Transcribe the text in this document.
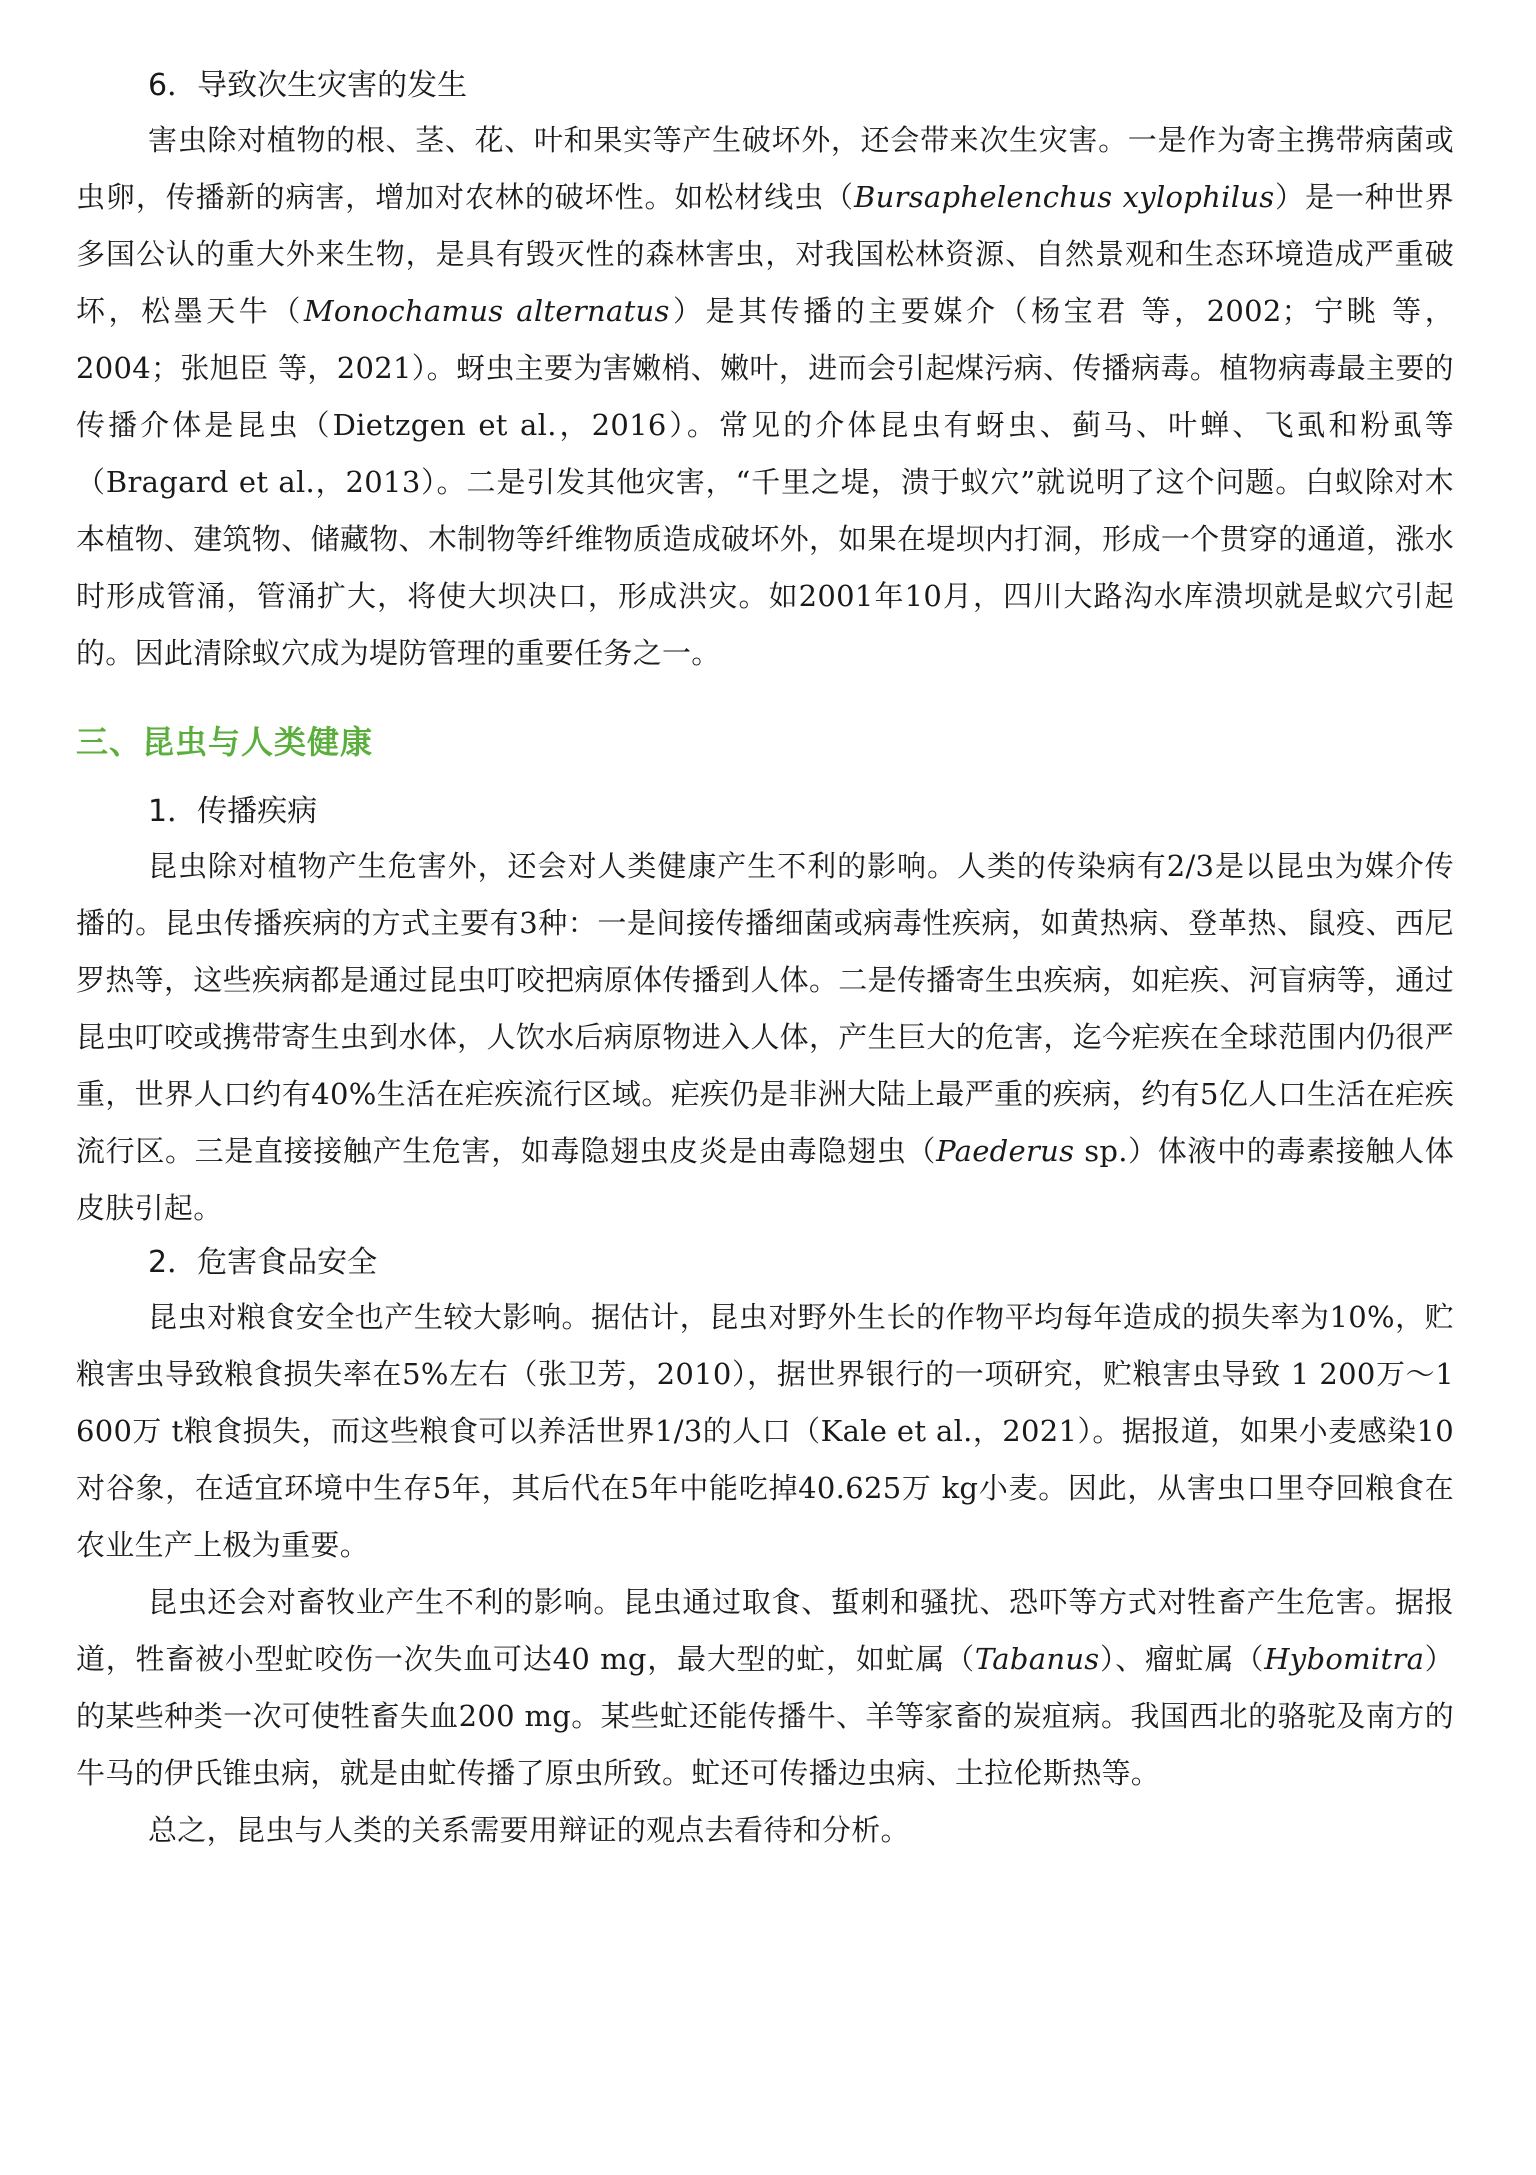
6．导致次生灾害的发生

害虫除对植物的根、茎、花、叶和果实等产生破坏外，还会带来次生灾害。一是作为寄主携带病菌或虫卵，传播新的病害，增加对农林的破坏性。如松材线虫（Bursaphelenchus xylophilus）是一种世界多国公认的重大外来生物，是具有毁灭性的森林害虫，对我国松林资源、自然景观和生态环境造成严重破坏，松墨天牛（Monochamus alternatus）是其传播的主要媒介（杨宝君 等，2002；宁眺 等，2004；张旭臣 等，2021）。蚜虫主要为害嫩梢、嫩叶，进而会引起煤污病、传播病毒。植物病毒最主要的传播介体是昆虫（Dietzgen et al.，2016）。常见的介体昆虫有蚜虫、蓟马、叶蝉、飞虱和粉虱等（Bragard et al.，2013）。二是引发其他灾害，“千里之堤，溃于蚁穴”就说明了这个问题。白蚁除对木本植物、建筑物、储藏物、木制物等纤维物质造成破坏外，如果在堤坝内打洞，形成一个贯穿的通道，涨水时形成管涌，管涌扩大，将使大坝决口，形成洪灾。如2001年10月，四川大路沟水库溃坝就是蚁穴引起的。因此清除蚁穴成为堤防管理的重要任务之一。

三、昆虫与人类健康
1．传播疾病

昆虫除对植物产生危害外，还会对人类健康产生不利的影响。人类的传染病有2/3是以昆虫为媒介传播的。昆虫传播疾病的方式主要有3种：一是间接传播细菌或病毒性疾病，如黄热病、登革热、鼠疫、西尼罗热等，这些疾病都是通过昆虫叮咬把病原体传播到人体。二是传播寄生虫疾病，如疟疾、河盲病等，通过昆虫叮咬或携带寄生虫到水体，人饮水后病原物进入人体，产生巨大的危害，迄今疟疾在全球范围内仍很严重，世界人口约有40%生活在疟疾流行区域。疟疾仍是非洲大陆上最严重的疾病，约有5亿人口生活在疟疾流行区。三是直接接触产生危害，如毒隐翅虫皮炎是由毒隐翅虫（Paederus sp.）体液中的毒素接触人体皮肤引起。

2．危害食品安全

昆虫对粮食安全也产生较大影响。据估计，昆虫对野外生长的作物平均每年造成的损失率为10%，贮粮害虫导致粮食损失率在5%左右（张卫芳，2010），据世界银行的一项研究，贮粮害虫导致 1 200万～1 600万 t粮食损失，而这些粮食可以养活世界1/3的人口（Kale et al.，2021）。据报道，如果小麦感染10对谷象，在适宜环境中生存5年，其后代在5年中能吃掉40.625万 kg小麦。因此，从害虫口里夺回粮食在农业生产上极为重要。

昆虫还会对畜牧业产生不利的影响。昆虫通过取食、蜇刺和骚扰、恐吓等方式对牲畜产生危害。据报道，牲畜被小型虻咬伤一次失血可达40 mg，最大型的虻，如虻属（Tabanus）、瘤虻属（Hybomitra）的某些种类一次可使牲畜失血200 mg。某些虻还能传播牛、羊等家畜的炭疽病。我国西北的骆驼及南方的牛马的伊氏锥虫病，就是由虻传播了原虫所致。虻还可传播边虫病、土拉伦斯热等。

总之，昆虫与人类的关系需要用辩证的观点去看待和分析。
